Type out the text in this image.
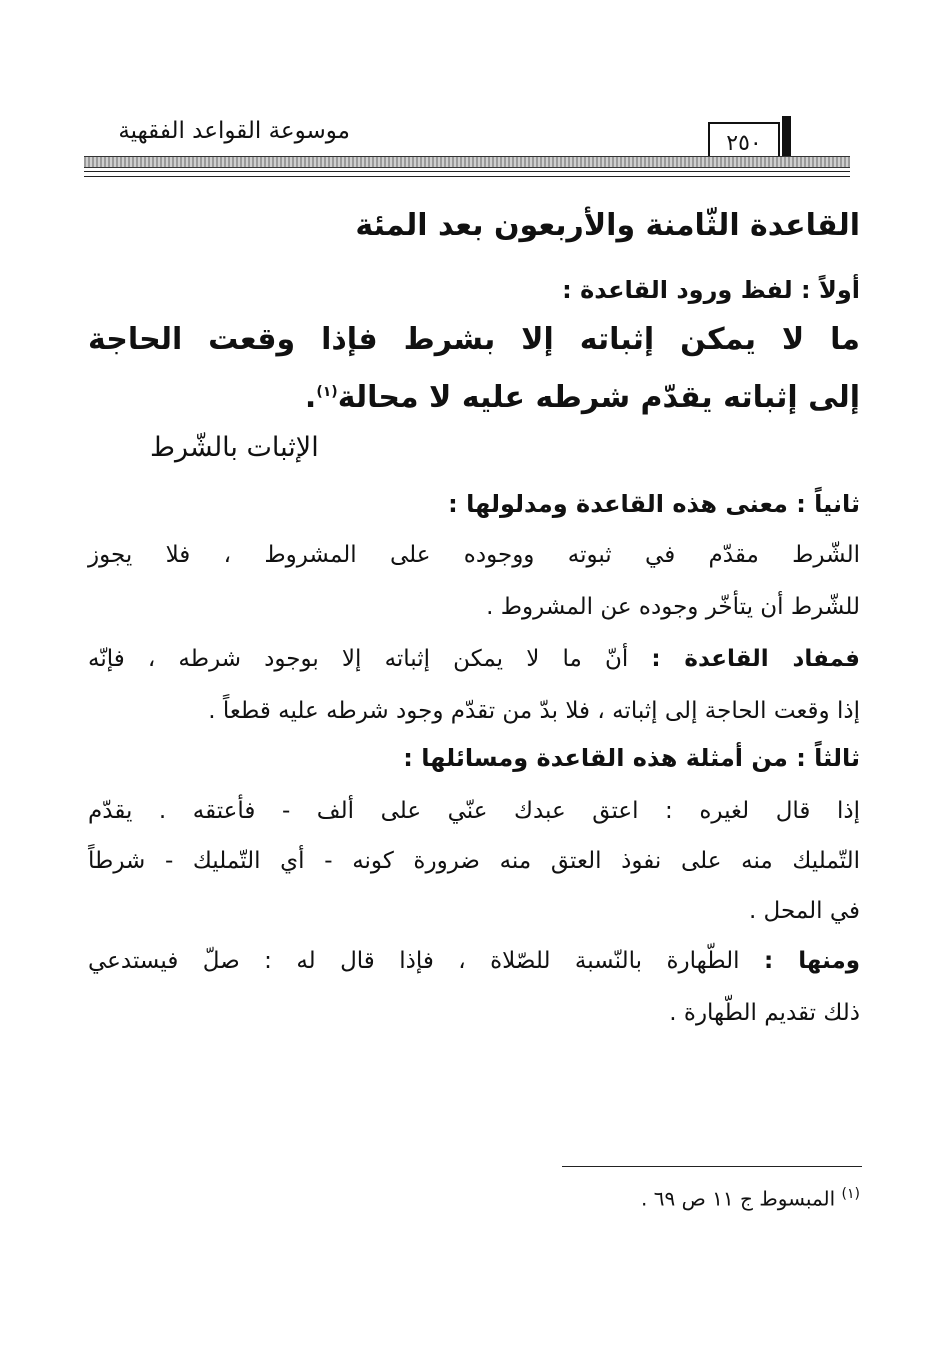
موسوعة القواعد الفقهية	٢٥٠
القاعدة الثّامنة والأربعون بعد المئة
أولاً : لفظ ورود القاعدة :
ما لا يمكن إثباته إلا بشرط فإذا وقعت الحاجة
إلى إثباته يقدّم شرطه عليه لا محالة$^{(١)}$.
الإثبات بالشّرط
ثانياً : معنى هذه القاعدة ومدلولها :
الشّرط مقدّم في ثبوته ووجوده على المشروط ، فلا يجوز
للشّرط أن يتأخّر وجوده عن المشروط .
فمفاد القاعدة : أنّ ما لا يمكن إثباته إلا بوجود شرطه ، فإنّه
إذا وقعت الحاجة إلى إثباته ، فلا بدّ من تقدّم وجود شرطه عليه قطعاً .
ثالثاً : من أمثلة هذه القاعدة ومسائلها :
إذا قال لغيره : اعتق عبدك عنّي على ألف - فأعتقه . يقدّم
التّمليك منه على نفوذ العتق منه ضرورة كونه - أي التّمليك - شرطاً
في المحل .
ومنها : الطّهارة بالنّسبة للصّلاة ، فإذا قال له : صلّ فيستدعي
ذلك تقديم الطّهارة .
$^{(١)}$ المبسوط ج ١١ ص ٦٩ .
